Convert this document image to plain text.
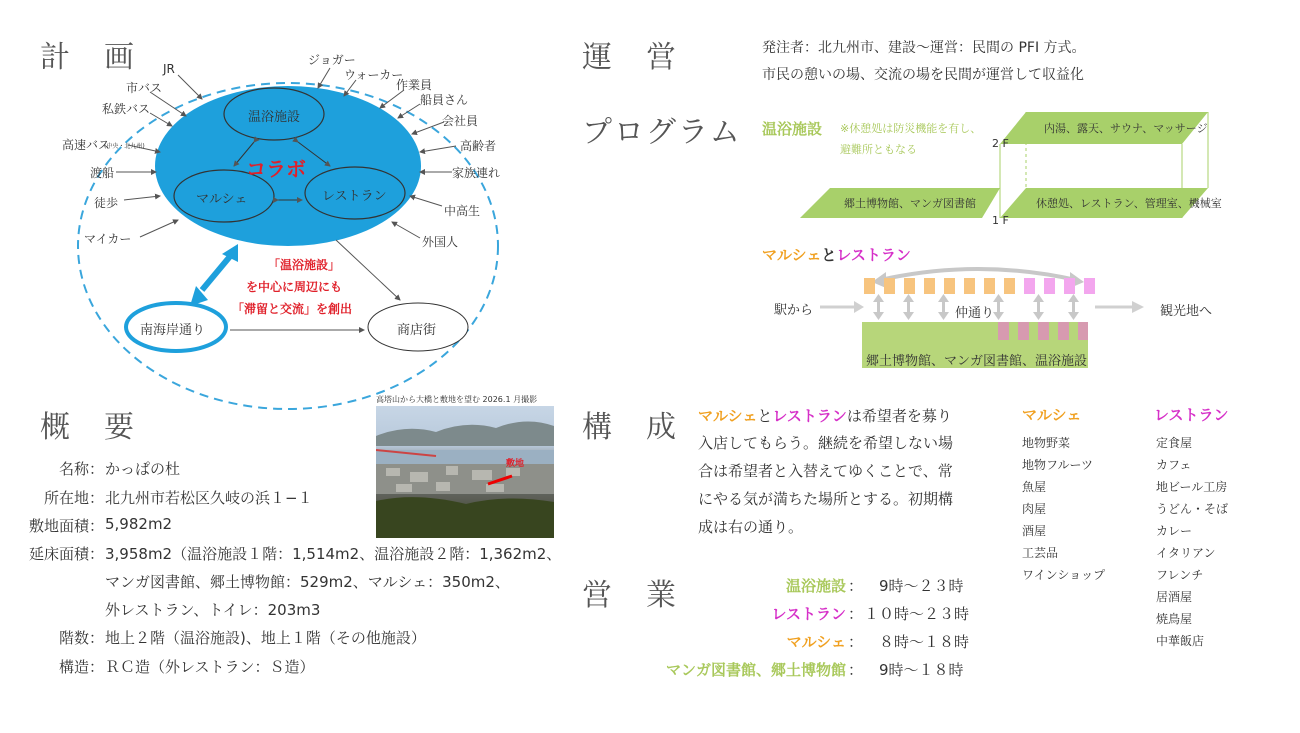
計　画	運　営
プログラム
概　要	構　成
営　業
コラボ
温浴施設
マルシェ	レストラン
南海岸通り	商店街
「温浴施設」
を中心に周辺にも
「滞留と交流」を創出
JR
市バス
私鉄バス
高速バス
(中央・北九州)
渡船
徒歩
マイカー
ジョガー
ウォーカー
作業員
船員さん
会社員
高齢者
家族連れ
中高生
外国人
発注者：北九州市、建設〜運営：民間の PFI 方式。
市民の憩いの場、交流の場を民間が運営して収益化
温浴施設 ※休憩処は防災機能を有し、
避難所ともなる	2 F
1 F
内湯、露天、サウナ、マッサージ
郷土博物館、マンガ図書館	休憩処、レストラン、管理室、機械室
マルシェとレストラン
駅から	仲通り	観光地へ
郷土博物館、マンガ図書館、温浴施設
高塔山から大橋と敷地を望む 2026.1 月撮影
敷地
名称： かっぱの杜
所在地： 北九州市若松区久岐の浜１−１
敷地面積： 5,982m2
延床面積： 3,958m2（温浴施設１階：1,514m2、温浴施設２階：1,362m2、
マンガ図書館、郷土博物館：529m2、マルシェ：350m2、
外レストラン、トイレ：203m3
階数： 地上２階（温浴施設)、地上１階（その他施設）
構造： ＲＣ造（外レストラン：Ｓ造）
マルシェとレストランは希望者を募り
入店してもらう。継続を希望しない場
合は希望者と入替えてゆくことで、常
にやる気が満ちた場所とする。初期構
成は右の通り。
マルシェ
地物野菜
地物フルーツ
魚屋
肉屋
酒屋
工芸品
ワインショップ
レストラン
定食屋
カフェ
地ビール工房
うどん・そば
カレー
イタリアン
フレンチ
居酒屋
焼鳥屋
中華飯店
温浴施設 ： 　9時〜２３時
レストラン ： １０時〜２３時
マルシェ ： 　８時〜１８時
マンガ図書館、郷土博物館 ： 　9時〜１８時
